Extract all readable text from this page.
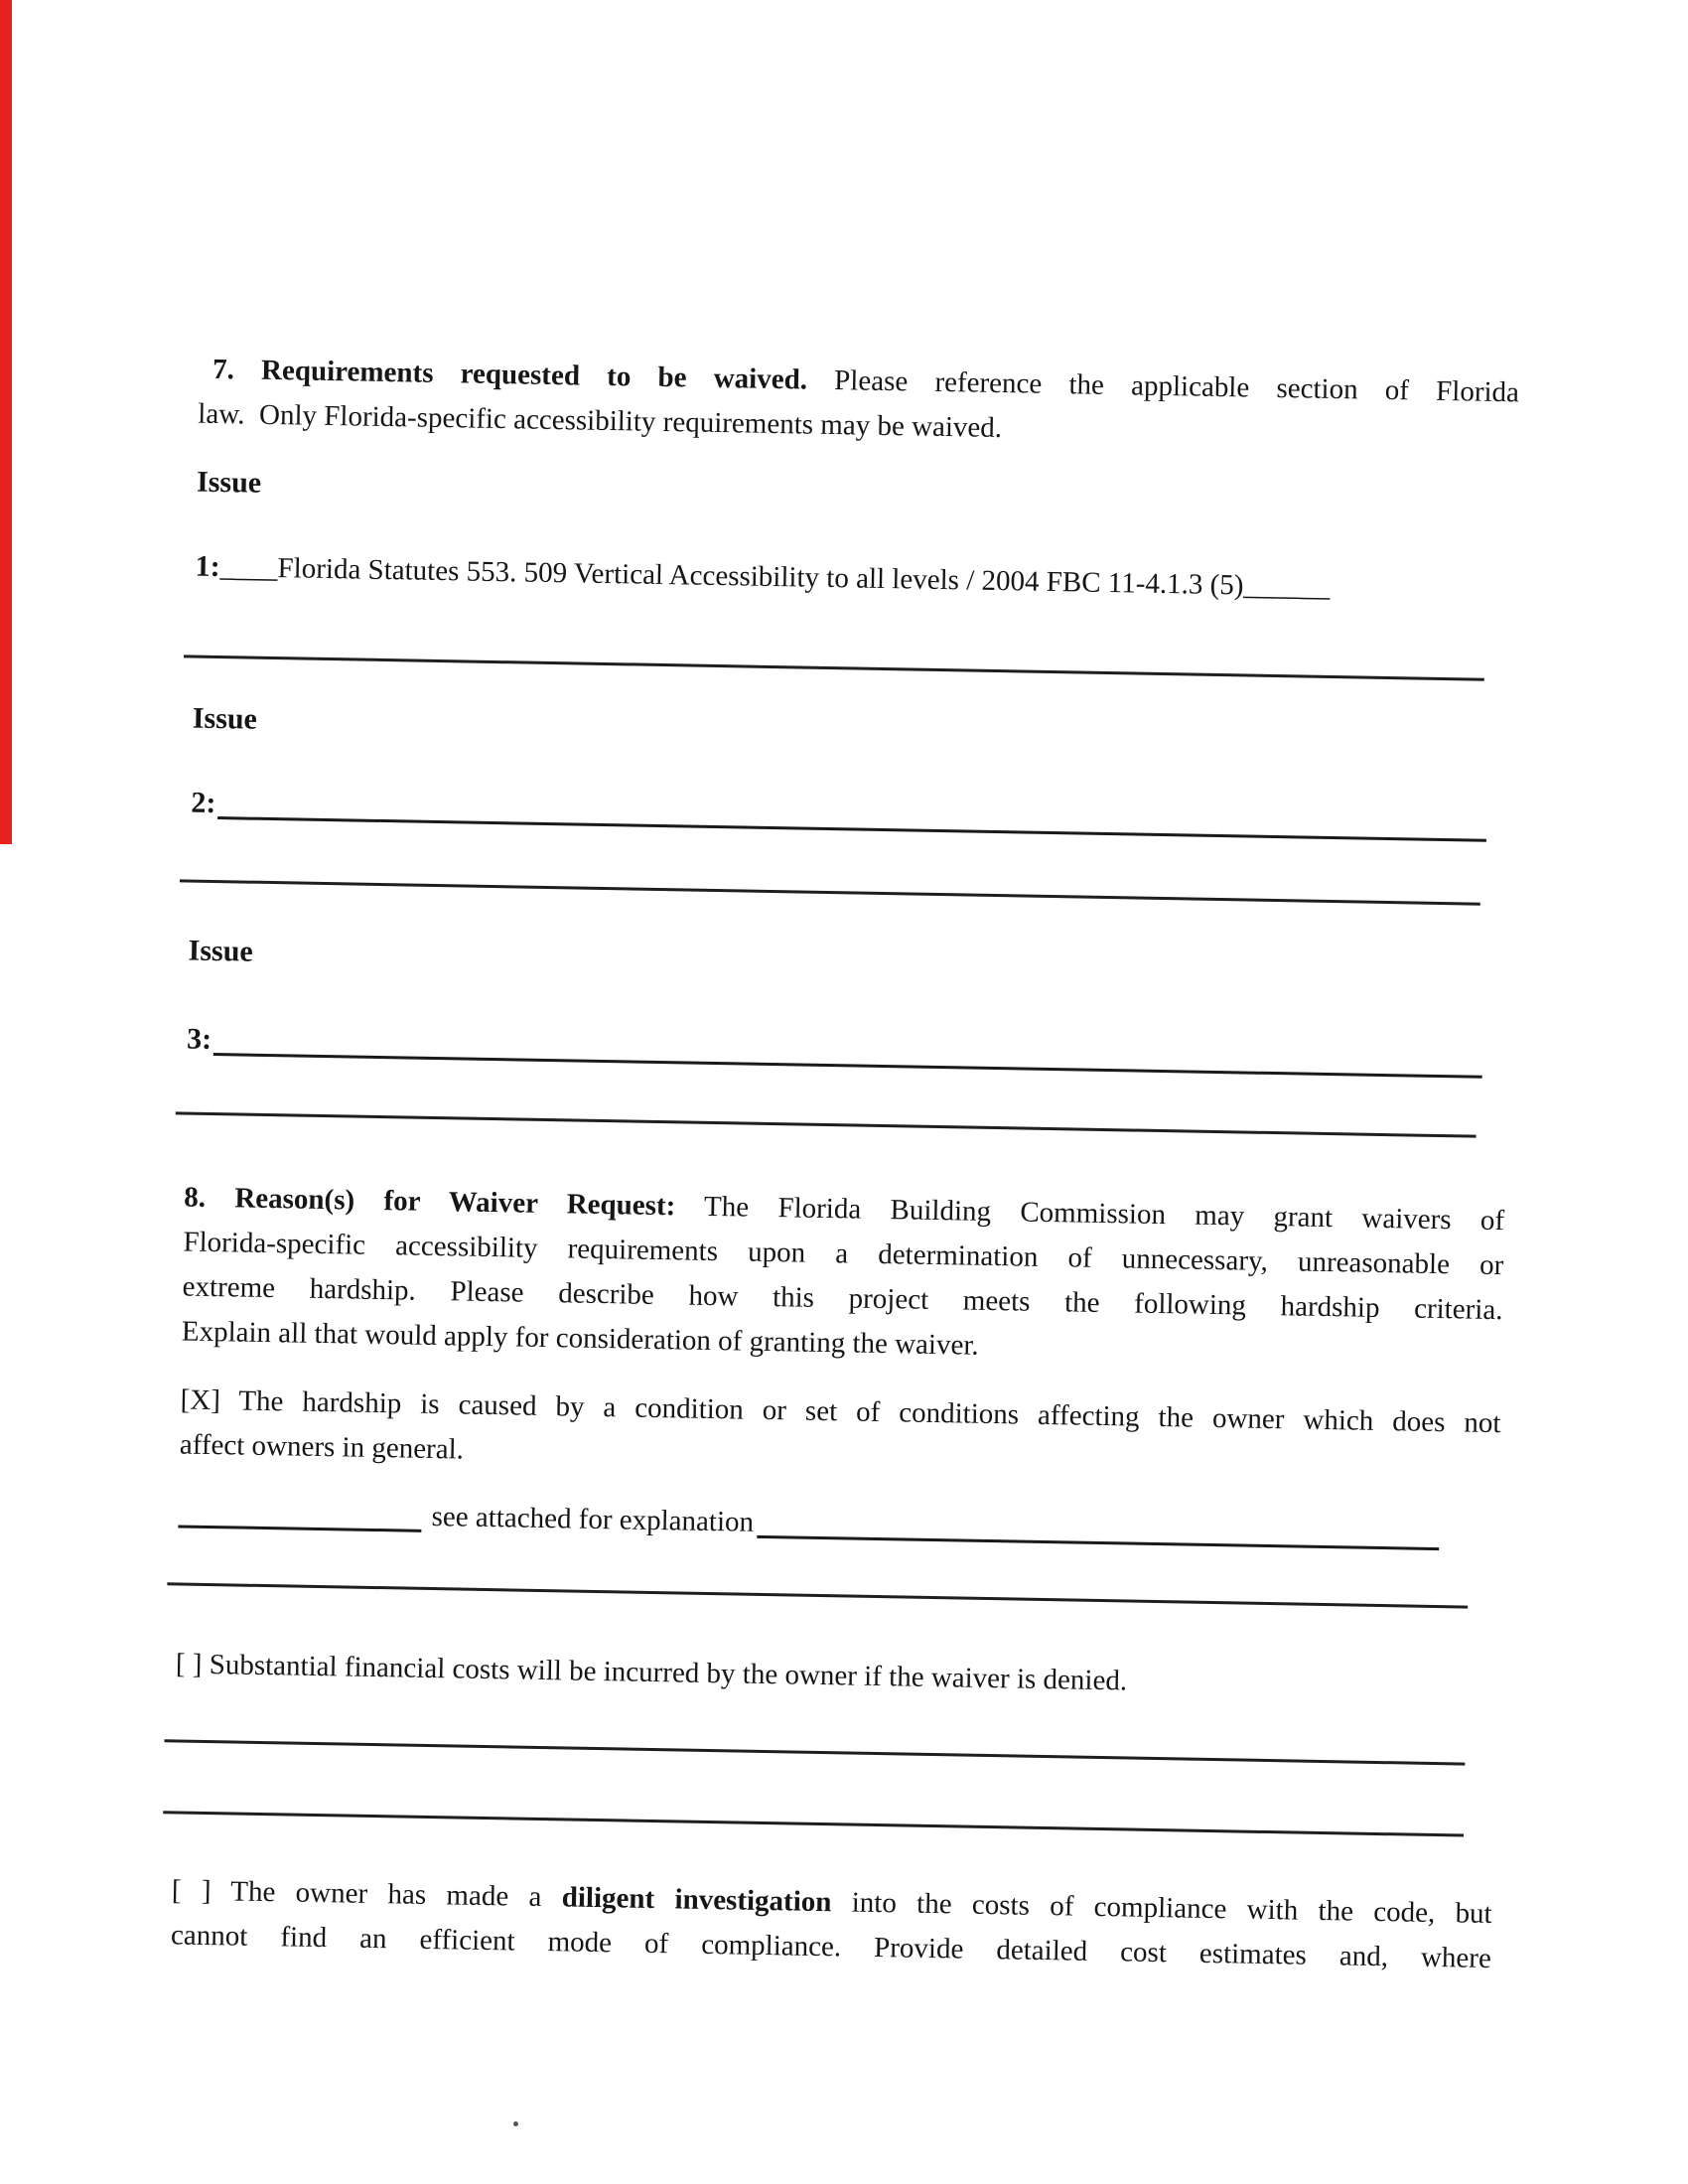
7. Requirements requested to be waived. Please reference the applicable section of Florida
law.  Only Florida-specific accessibility requirements may be waived.
Issue
1:____Florida Statutes 553. 509 Vertical Accessibility to all levels / 2004 FBC 11-4.1.3 (5)______
Issue
2:
Issue
3:
8. Reason(s) for Waiver Request: The Florida Building Commission may grant waivers of
Florida-specific accessibility requirements upon a determination of unnecessary, unreasonable or
extreme hardship. Please describe how this project meets the following hardship criteria.
Explain all that would apply for consideration of granting the waiver.
[X] The hardship is caused by a condition or set of conditions affecting the owner which does not
affect owners in general.
see attached for explanation
[ ] Substantial financial costs will be incurred by the owner if the waiver is denied.
[ ] The owner has made a diligent investigation into the costs of compliance with the code, but
cannot find an efficient mode of compliance. Provide detailed cost estimates and, where
